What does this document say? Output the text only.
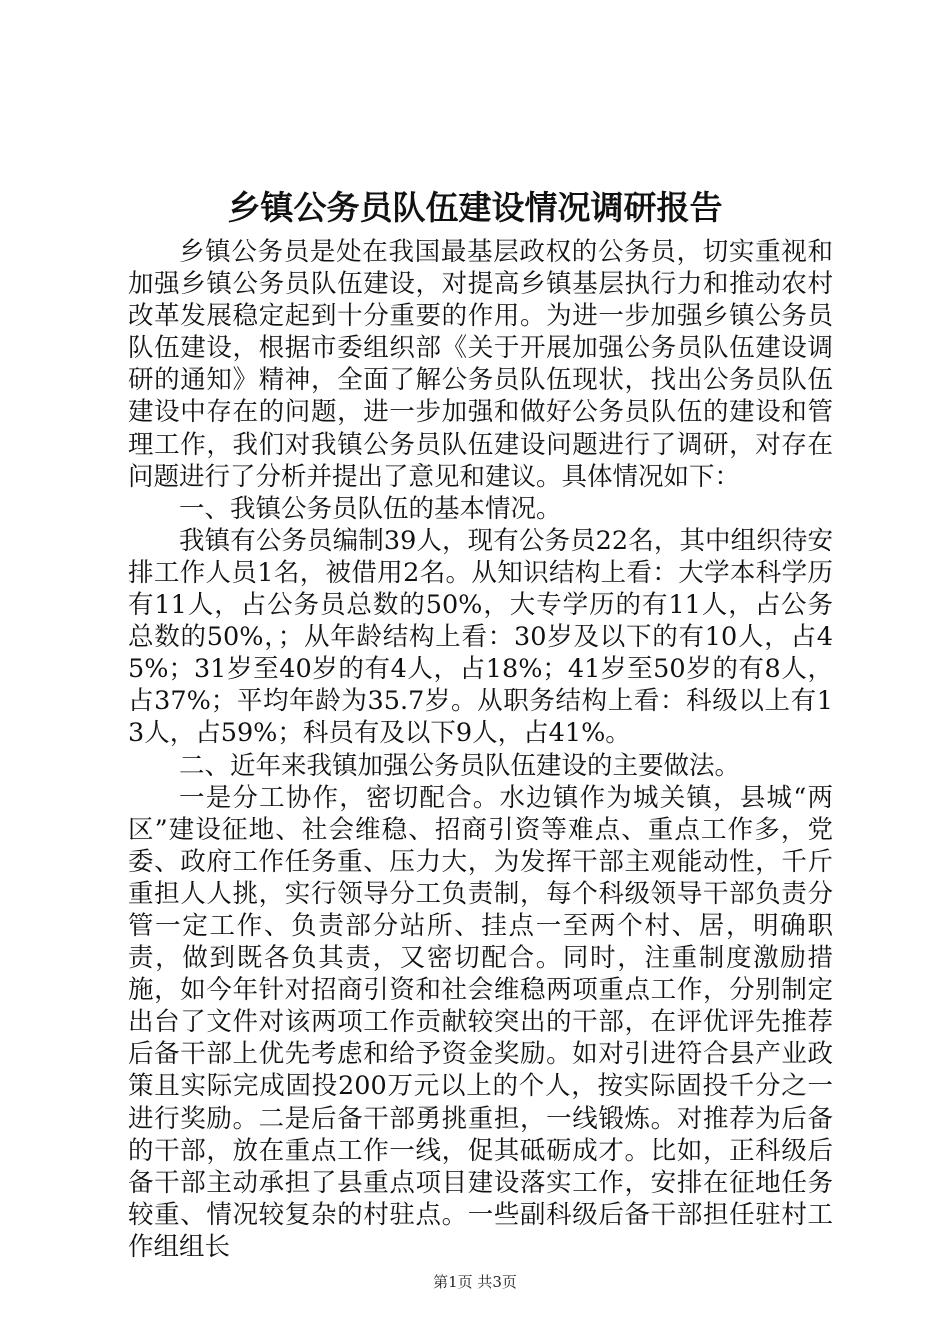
乡镇公务员队伍建设情况调研报告

乡镇公务员是处在我国最基层政权的公务员，切实重视和加强乡镇公务员队伍建设，对提高乡镇基层执行力和推动农村改革发展稳定起到十分重要的作用。为进一步加强乡镇公务员队伍建设，根据市委组织部《关于开展加强公务员队伍建设调研的通知》精神，全面了解公务员队伍现状，找出公务员队伍建设中存在的问题，进一步加强和做好公务员队伍的建设和管理工作，我们对我镇公务员队伍建设问题进行了调研，对存在问题进行了分析并提出了意见和建议。具体情况如下：

一、我镇公务员队伍的基本情况。

我镇有公务员编制39人，现有公务员22名，其中组织待安排工作人员1名，被借用2名。从知识结构上看：大学本科学历有11人，占公务员总数的50%，大专学历的有11人，占公务总数的50%，；从年龄结构上看：30岁及以下的有10人，占45%；31岁至40岁的有4人，占18%；41岁至50岁的有8人，占37%；平均年龄为35.7岁。从职务结构上看：科级以上有13人，占59%；科员有及以下9人，占41%。

二、近年来我镇加强公务员队伍建设的主要做法。

一是分工协作，密切配合。水边镇作为城关镇，县城“两区”建设征地、社会维稳、招商引资等难点、重点工作多，党委、政府工作任务重、压力大，为发挥干部主观能动性，千斤重担人人挑，实行领导分工负责制，每个科级领导干部负责分管一定工作、负责部分站所、挂点一至两个村、居，明确职责，做到既各负其责，又密切配合。同时，注重制度激励措施，如今年针对招商引资和社会维稳两项重点工作，分别制定出台了文件对该两项工作贡献较突出的干部，在评优评先推荐后备干部上优先考虑和给予资金奖励。如对引进符合县产业政策且实际完成固投200万元以上的个人，按实际固投千分之一进行奖励。二是后备干部勇挑重担，一线锻炼。对推荐为后备的干部，放在重点工作一线，促其砥砺成才。比如，正科级后备干部主动承担了县重点项目建设落实工作，安排在征地任务较重、情况较复杂的村驻点。一些副科级后备干部担任驻村工作组组长

第1页 共3页
